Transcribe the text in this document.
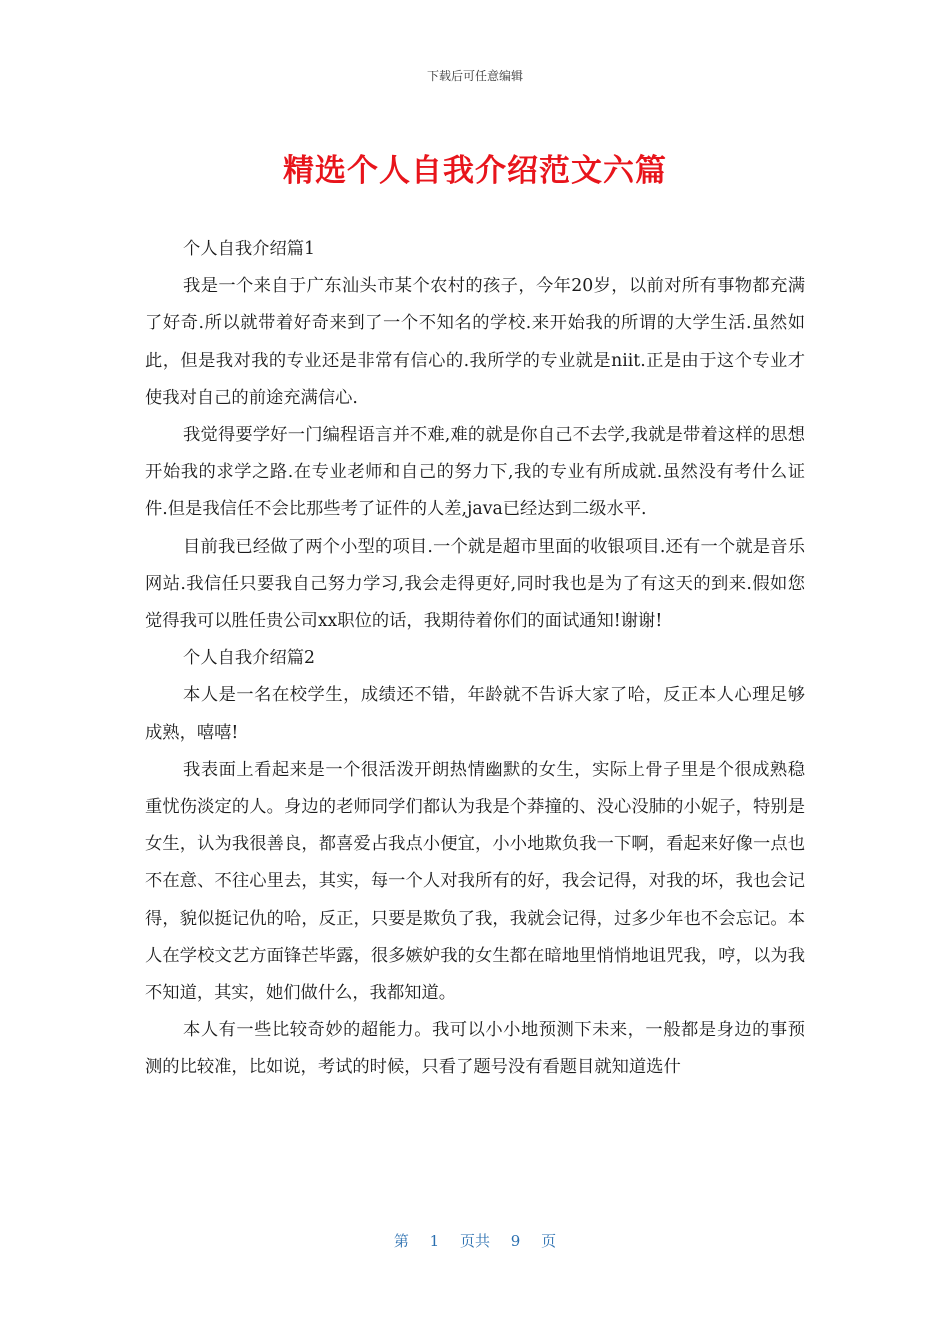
下载后可任意编辑
精选个人自我介绍范文六篇

个人自我介绍篇1

我是一个来自于广东汕头市某个农村的孩子，今年20岁，以前对所有事物都充满了好奇.所以就带着好奇来到了一个不知名的学校.来开始我的所谓的大学生活.虽然如此，但是我对我的专业还是非常有信心的.我所学的专业就是niit.正是由于这个专业才使我对自己的前途充满信心.

我觉得要学好一门编程语言并不难,难的就是你自己不去学,我就是带着这样的思想开始我的求学之路.在专业老师和自己的努力下,我的专业有所成就.虽然没有考什么证件.但是我信任不会比那些考了证件的人差,java已经达到二级水平.

目前我已经做了两个小型的项目.一个就是超市里面的收银项目.还有一个就是音乐网站.我信任只要我自己努力学习,我会走得更好,同时我也是为了有这天的到来.假如您觉得我可以胜任贵公司xx职位的话，我期待着你们的面试通知!谢谢!

个人自我介绍篇2

本人是一名在校学生，成绩还不错，年龄就不告诉大家了哈，反正本人心理足够成熟，嘻嘻!

我表面上看起来是一个很活泼开朗热情幽默的女生，实际上骨子里是个很成熟稳重忧伤淡定的人。身边的老师同学们都认为我是个莽撞的、没心没肺的小妮子，特别是女生，认为我很善良，都喜爱占我点小便宜，小小地欺负我一下啊，看起来好像一点也不在意、不往心里去，其实，每一个人对我所有的好，我会记得，对我的坏，我也会记得，貌似挺记仇的哈，反正，只要是欺负了我，我就会记得，过多少年也不会忘记。本人在学校文艺方面锋芒毕露，很多嫉妒我的女生都在暗地里悄悄地诅咒我，哼，以为我不知道，其实，她们做什么，我都知道。

本人有一些比较奇妙的超能力。我可以小小地预测下未来，一般都是身边的事预测的比较准，比如说，考试的时候，只看了题号没有看题目就知道选什

第 1 页共 9 页
